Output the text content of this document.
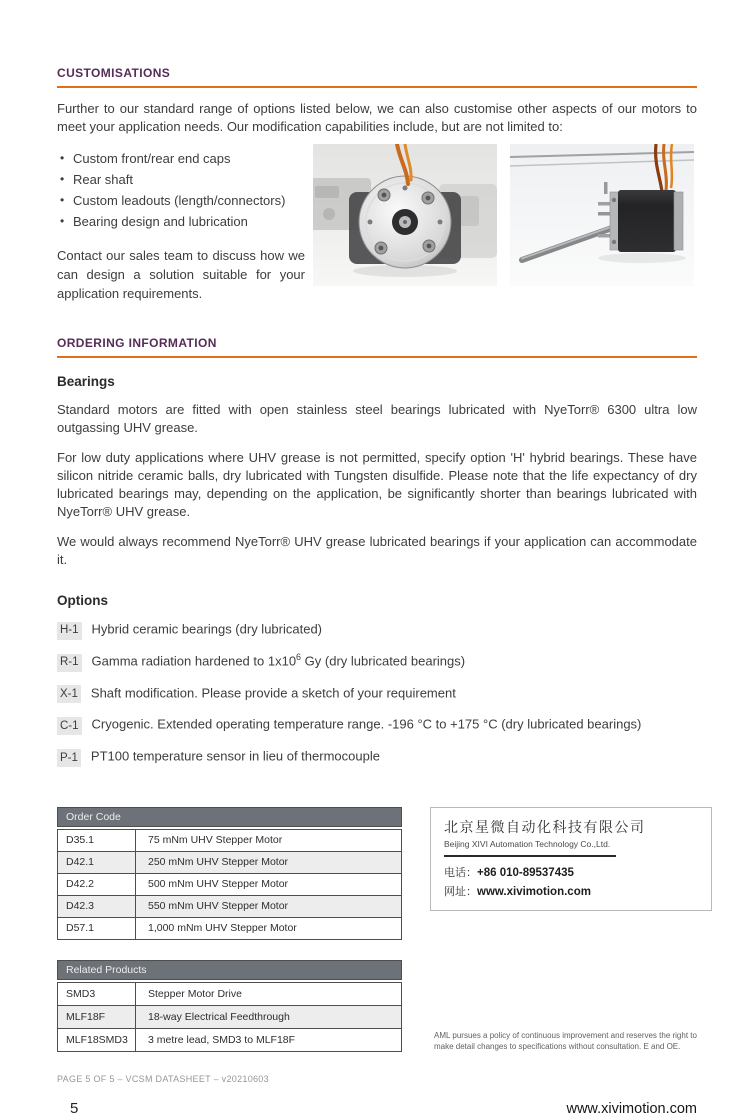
CUSTOMISATIONS

Further to our standard range of options listed below, we can also customise other aspects of our motors to meet your application needs. Our modification capabilities include, but are not limited to:

• Custom front/rear end caps
• Rear shaft
• Custom leadouts (length/connectors)
• Bearing design and lubrication

Contact our sales team to discuss how we can design a solution suitable for your application requirements.

ORDERING INFORMATION
Bearings

Standard motors are fitted with open stainless steel bearings lubricated with NyeTorr® 6300 ultra low outgassing UHV grease.

For low duty applications where UHV grease is not permitted, specify option 'H' hybrid bearings. These have silicon nitride ceramic balls, dry lubricated with Tungsten disulfide. Please note that the life expectancy of dry lubricated bearings may, depending on the application, be significantly shorter than bearings lubricated with NyeTorr® UHV grease.

We would always recommend NyeTorr® UHV grease lubricated bearings if your application can accommodate it.

Options
H-1 Hybrid ceramic bearings (dry lubricated)
R-1 Gamma radiation hardened to $1x10^6$ Gy (dry lubricated bearings)
X-1 Shaft modification. Please provide a sketch of your requirement
C-1 Cryogenic. Extended operating temperature range. -196 °C to +175 °C (dry lubricated bearings)
P-1 PT100 temperature sensor in lieu of thermocouple
Order Code
D35.1	75 mNm UHV Stepper Motor
D42.1	250 mNm UHV Stepper Motor
D42.2	500 mNm UHV Stepper Motor
D42.3	550 mNm UHV Stepper Motor
D57.1	1,000 mNm UHV Stepper Motor
Related Products
SMD3	Stepper Motor Drive
MLF18F	18-way Electrical Feedthrough
MLF18SMD3	3 metre lead, SMD3 to MLF18F
北京星微自动化科技有限公司
Beijing XIVI Automation Technology Co.,Ltd.
电话：+86 010-89537435
网址：www.xivimotion.com
AML pursues a policy of continuous improvement and reserves the right to make detail changes to specifications without consultation. E and OE.
PAGE 5 OF 5 – VCSM DATASHEET – v20210603
5	www.xivimotion.com
